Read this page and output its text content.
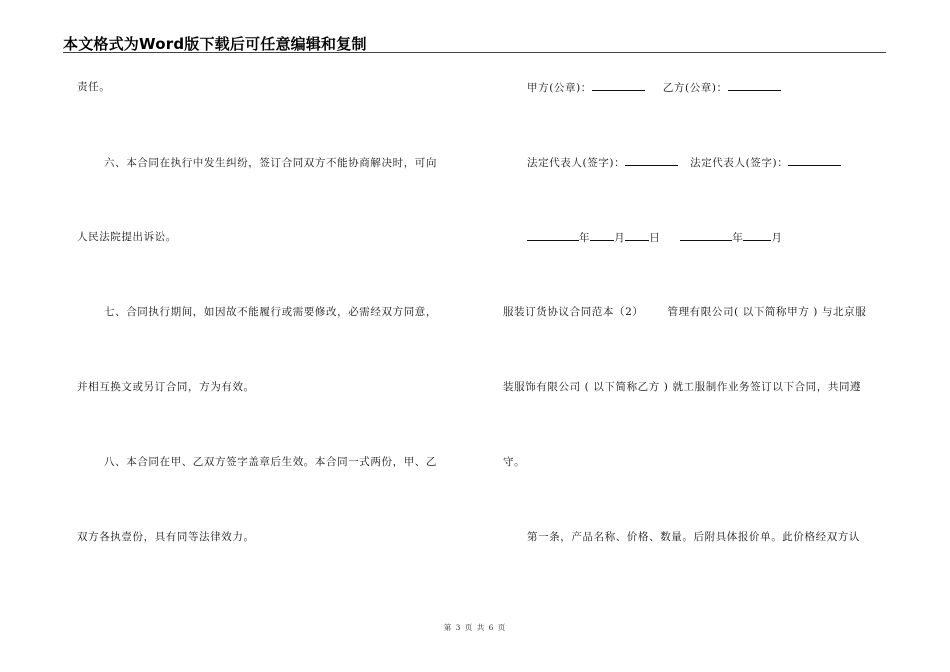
本文格式为Word版下载后可任意编辑和复制
责任。
六、本合同在执行中发生纠纷，签订合同双方不能协商解决时，可向
人民法院提出诉讼。
七、合同执行期间，如因故不能履行或需要修改，必需经双方同意，
并相互换文或另订合同，方为有效。
八、本合同在甲、乙双方签字盖章后生效。本合同一式两份，甲、乙
双方各执壹份，具有同等法律效力。
甲方(公章)：	乙方(公章)：
法定代表人(签字)：	法定代表人(签字)：
年 月 日	年	月
服装订货协议合同范本（2） 管理有限公司( 以下简称甲方 ) 与北京服
装服饰有限公司 ( 以下简称乙方 ) 就工服制作业务签订以下合同，共同遵
守。
第一条，产品名称、价格、数量。后附具体报价单。此价格经双方认
第 3 页 共 6 页
